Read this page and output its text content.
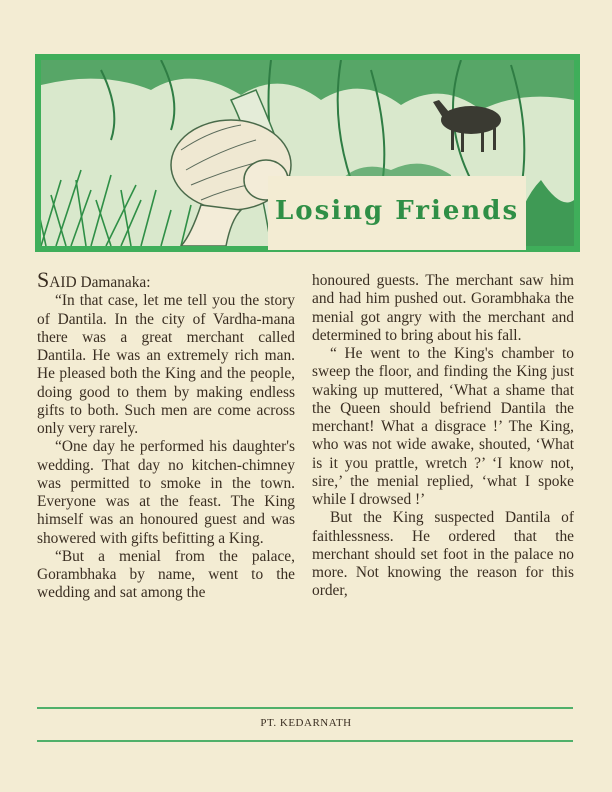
Losing Friends

SAID Damanaka:

“In that case, let me tell you the story of Dantila. In the city of Vardha-mana there was a great merchant called Dantila. He was an extremely rich man. He pleased both the King and the people, doing good to them by making endless gifts to both. Such men are come across only very rarely.

“One day he performed his daughter's wedding. That day no kitchen-chimney was permitted to smoke in the town. Everyone was at the feast. The King himself was an honoured guest and was showered with gifts befitting a King.

“But a menial from the palace, Gorambhaka by name, went to the wedding and sat among the

honoured guests. The merchant saw him and had him pushed out. Gorambhaka the menial got angry with the merchant and determined to bring about his fall.

“ He went to the King's chamber to sweep the floor, and finding the King just waking up muttered, ‘What a shame that the Queen should befriend Dantila the merchant! What a disgrace !’ The King, who was not wide awake, shouted, ‘What is it you prattle, wretch ?’ ‘I know not, sire,’ the menial replied, ‘what I spoke while I drowsed !’

But the King suspected Dantila of faithlessness. He ordered that the merchant should set foot in the palace no more. Not knowing the reason for this order,

PT. KEDARNATH
